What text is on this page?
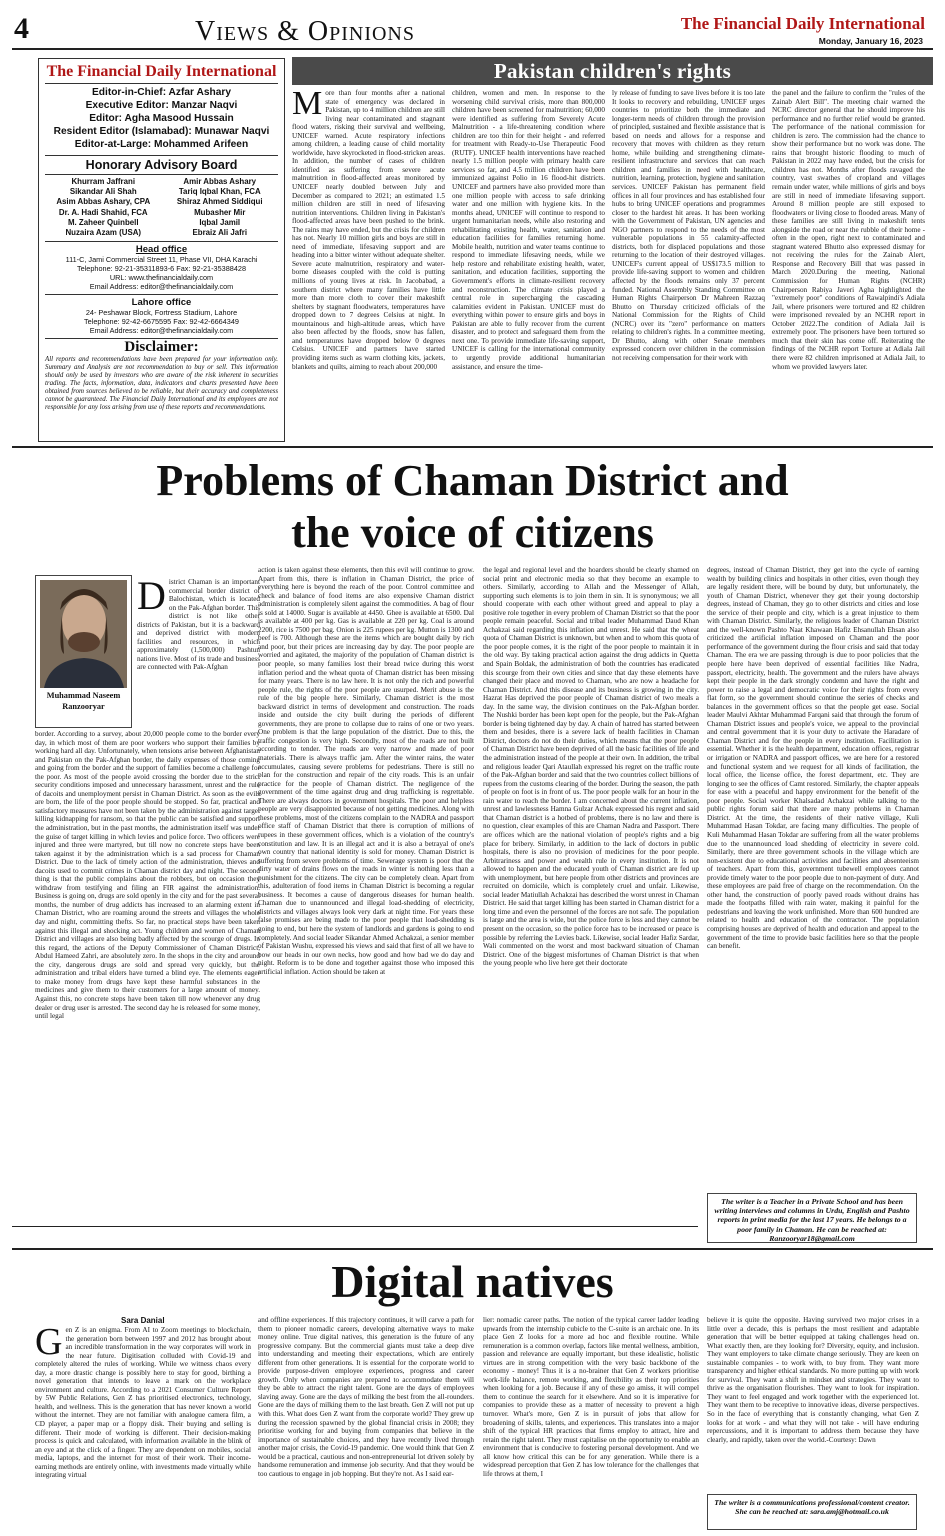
4	Views & Opinions	The Financial Daily International
Monday, January 16, 2023
The Financial Daily International
Editor-in-Chief: Azfar Ashary
Executive Editor: Manzar Naqvi
Editor: Agha Masood Hussain
Resident Editor (Islamabad): Munawar Naqvi
Editor-at-Large: Mohammed Arifeen
Honorary Advisory Board
Khurram Jaffrani
Sikandar Ali Shah
Asim Abbas Ashary, CPA
Dr. A. Hadi Shahid, FCA
M. Zaheer Quinbell
Nuzaira Azam (USA)
Amir Abbas Ashary
Tariq Iqbal Khan, FCA
Shiraz Ahmed Siddiqui
Mubasher Mir
Iqbal Jamil
Ebraiz Ali Jafri
Head office
111-C, Jami Commercial Street 11, Phase VII, DHA Karachi
Telephone: 92-21-35311893-6 Fax: 92-21-35388428
URL: www.thefinancialdaily.com
Email Address: editor@thefinancialdaily.com
Lahore office
24- Peshawar Block, Fortress Stadium, Lahore
Telephone: 92-42-6675595 Fax: 92-42-6664349
Email Address: editor@thefinancialdaily.com
Disclaimer:
All reports and recommendations have been prepared for your information only. Summary and Analysis are not recommendation to buy or sell. This information should only be used by investors who are aware of the risk inherent in securities trading. The facts, information, data, indicators and charts presented have been obtained from sources believed to be reliable, but their accuracy and completeness cannot be guaranteed. The Financial Daily International and its employees are not responsible for any loss arising from use of these reports and recommendations.
Pakistan children's rights
M ore than four months after a national state of emergency was declared in Pakistan, up to 4 million children are still living near contaminated and stagnant flood waters, risking their survival and wellbeing, UNICEF warned. Acute respiratory infections among children, a leading cause of child mortality worldwide, have skyrocketed in flood-stricken areas. In addition, the number of cases of children identified as suffering from severe acute malnutrition in flood-affected areas monitored by UNICEF nearly doubled between July and December as compared to 2021; an estimated 1.5 million children are still in need of lifesaving nutrition interventions. Children living in Pakistan's flood-affected areas have been pushed to the brink. The rains may have ended, but the crisis for children has not. Nearly 10 million girls and boys are still in need of immediate, lifesaving support and are heading into a bitter winter without adequate shelter. Severe acute malnutrition, respiratory and water-borne diseases coupled with the cold is putting millions of young lives at risk. In Jacobabad, a southern district where many families have little more than more cloth to cover their makeshift shelters by stagnant floodwaters, temperatures have dropped down to 7 degrees Celsius at night. In mountainous and high-altitude areas, which have also been affected by the floods, snow has fallen, and temperatures have dropped below 0 degrees Celsius. UNICEF and partners have started providing items such as warm clothing kits, jackets, blankets and quilts, aiming to reach about 200,000

children, women and men. In response to the worsening child survival crisis, more than 800,000 children have been screened for malnutrition; 60,000 were identified as suffering from Severely Acute Malnutrition - a life-threatening condition where children are too thin for their height - and referred for treatment with Ready-to-Use Therapeutic Food (RUTF). UNICEF health interventions have reached nearly 1.5 million people with primary health care services so far, and 4.5 million children have been immunized against Polio in 16 flood-hit districts. UNICEF and partners have also provided more than one million people with access to safe drinking water and one million with hygiene kits. In the months ahead, UNICEF will continue to respond to urgent humanitarian needs, while also restoring and rehabilitating existing health, water, sanitation and education facilities for families returning home. Mobile health, nutrition and water teams continue to respond to immediate lifesaving needs, while we help restore and rehabilitate existing health, water, sanitation, and education facilities, supporting the Government's efforts in climate-resilient recovery and reconstruction. The climate crisis played a central role in supercharging the cascading calamities evident in Pakistan. UNICEF must do everything within power to ensure girls and boys in Pakistan are able to fully recover from the current disaster, and to protect and safeguard them from the next one. To provide immediate life-saving support, UNICEF is calling for the international community to urgently provide additional humanitarian assistance, and ensure the time-

ly release of funding to save lives before it is too late It looks to recovery and rebuilding, UNICEF urges countries to prioritize both the immediate and longer-term needs of children through the provision of principled, sustained and flexible assistance that is based on needs and allows for a response and recovery that moves with children as they return home, while building and strengthening climate-resilient infrastructure and services that can reach children and families in need with healthcare, nutrition, learning, protection, hygiene and sanitation services. UNICEF Pakistan has permanent field offices in all four provinces and has established four hubs to bring UNICEF operations and programmes closer to the hardest hit areas. It has been working with the Government of Pakistan, UN agencies and NGO partners to respond to the needs of the most vulnerable populations in 55 calamity-affected districts, both for displaced populations and those returning to the location of their destroyed villages. UNICEF's current appeal of US$173.5 million to provide life-saving support to women and children affected by the floods remains only 37 percent funded. National Assembly Standing Committee on Human Rights Chairperson Dr Mahreen Razzaq Bhutto on Thursday criticized officials of the National Commission for the Rights of Child (NCRC) over its "zero" performance on matters relating to children's rights. In a committee meeting, Dr Bhutto, along with other Senate members expressed concern over children in the commission not receiving compensation for their work with

the panel and the failure to confirm the "rules of the Zainab Alert Bill". The meeting chair warned the NCRC director general that he should improve his performance and no further relief would be granted. The performance of the national commission for children is zero. The commission had the chance to show their performance but no work was done. The rains that brought historic flooding to much of Pakistan in 2022 may have ended, but the crisis for children has not. Months after floods ravaged the country, vast swathes of cropland and villages remain under water, while millions of girls and boys are still in need of immediate lifesaving support. Around 8 million people are still exposed to floodwaters or living close to flooded areas. Many of these families are still living in makeshift tents alongside the road or near the rubble of their home - often in the open, right next to contaminated and stagnant watered Bhutto also expressed dismay for not receiving the rules for the Zainab Alert, Response and Recovery Bill that was passed in March 2020.During the meeting, National Commission for Human Rights (NCHR) Chairperson Rabiya Javeri Agha highlighted the "extremely poor" conditions of Rawalpindi's Adiala Jail, where prisoners were tortured and 82 children were imprisoned revealed by an NCHR report in October 2022.The condition of Adiala Jail is extremely poor. The prisoners have been tortured so much that their skin has come off. Reiterating the findings of the NCHR report Torture at Adiala Jail there were 82 children imprisoned at Adiala Jail, to whom we provided lawyers later.

Problems of Chaman District and
the voice of citizens
Muhammad Naseem Ranzooryar
D istrict Chaman is an important commercial border district of Balochistan, which is located on the Pak-Afghan border. This district is not like other districts of Pakistan, but it is a backward and deprived district with modern facilities and resources, in which approximately (1,500,000) Pashtun nations live. Most of its trade and business are connected with Pak-Afghan

border. According to a survey, about 20,000 people come to the border every day, in which most of them are poor workers who support their families by working hard all day. Unfortunately, when tensions arise between Afghanistan and Pakistan on the Pak-Afghan border, the daily expenses of those coming and going from the border and the support of families become a challenge for the poor. As most of the people avoid crossing the border due to the strict security conditions imposed and unnecessary harassment, unrest and the rule of dacoits and unemployment persist in Chaman District. As soon as the evils are born, the life of the poor people should be stopped. So far, practical and satisfactory measures have not been taken by the administration against target killing kidnapping for ransom, so that the public can be satisfied and support the administration, but in the past months, the administration itself was under the guise of target killing in which levies and police force. Two officers were injured and three were martyred, but till now no concrete steps have been taken against it by the administration which is a sad process for Chaman District. Due to the lack of timely action of the administration, thieves and dacoits used to commit crimes in Chaman district day and night. The second thing is that the public complains about the robbers, but on occasion they withdraw from testifying and filing an FIR against the administration. Business is going on, drugs are sold openly in the city and for the past several months, the number of drug addicts has increased to an alarming extent in Chaman District, who are roaming around the streets and villages the whole day and night, committing thefts. So far, no practical steps have been taken against this illegal and shocking act. Young children and women of Chaman District and villages are also being badly affected by the scourge of drugs. In this regard, the actions of the Deputy Commissioner of Chaman District, Abdul Hameed Zahri, are absolutely zero. In the shops in the city and around the city, dangerous drugs are sold and spread very quickly, but the administration and tribal elders have turned a blind eye. The elements eager to make money from drugs have kept these harmful substances in the medicines and give them to their customers for a large amount of money. Against this, no concrete steps have been taken till now whenever any drug dealer or drug user is arrested. The second day he is released for some money, until legal

action is taken against these elements, then this evil will continue to grow. Apart from this, there is inflation in Chaman District, the price of everything here is beyond the reach of the poor. Control committee and check and balance of food items are also expensive Chaman district administration is completely silent against the commodities. A bag of flour is sold at 14000. Sugar is available at 4450. Ghee is available at 6500. Dal is available at 400 per kg. Gas is available at 220 per kg. Coal is around 2200, rice is 7500 per bag. Onion is 225 rupees per kg. Mutton is 1300 and beef is 700. Although these are the items which are bought daily by rich and poor, but their prices are increasing day by day. The poor people are worried and agitated, the majority of the population of Chaman district is poor people, so many families lost their bread twice during this worst inflation period and the wheat quota of Chaman district has been missing for many years. There is no law here. It is not only the rich and powerful people rule, the rights of the poor people are usurped. Merit abuse is the rule of the big people here. Similarly, Chaman district is the most backward district in terms of development and construction. The roads inside and outside the city built during the periods of different governments, they are prone to collapse due to rains of one or two years. One problem is that the large population of the district. Due to this, the traffic congestion is very high. Secondly, most of the roads are not built according to tender. The roads are very narrow and made of poor materials. There is always traffic jam. After the winter rains, the water accumulates, causing severe problems for pedestrians. There is still no plan for the construction and repair of the city roads. This is an unfair practice for the people of Chaman district. The negligence of the government of the time against drug and drug trafficking is regrettable. There are always doctors in government hospitals. The poor and helpless people are very disappointed because of not getting medicines. Along with these problems, most of the citizens complain to the NADRA and passport office staff of Chaman District that there is corruption of millions of rupees in these government offices, which is a violation of the country's constitution and law. It is an illegal act and it is also a betrayal of one's own country that national identity is sold for money. Chaman District is suffering from severe problems of time. Sewerage system is poor that the dirty water of drains flows on the roads in winter is nothing less than a punishment for the citizens. The city can be completely clean. Apart from this, adulteration of food items in Chaman District is becoming a regular business. It becomes a cause of dangerous diseases for human health. Chaman due to unannounced and illegal load-shedding of electricity, districts and villages always look very dark at night time. For years these false promises are being made to the poor people that load-shedding is going to end, but here the system of landlords and gardens is going to end completely. And social leader Sikandar Ahmed Achakzai, a senior member of Pakistan Wushu, expressed his views and said that first of all we have to bow our heads in our own necks, how good and how bad we do day and night. Reform is to be done and together against those who imposed this artificial inflation. Action should be taken at

the legal and regional level and the hoarders should be clearly shamed on social print and electronic media so that they become an example to others. Similarly, according to Allah and the Messenger of Allah, supporting such elements is to join them in sin. It is synonymous; we all should cooperate with each other without greed and appeal to play a positive role together in every problem of Chaman District so that the poor people remain peaceful. Social and tribal leader Muhammad Daud Khan Achakzai said regarding this inflation and unrest. He said that the wheat quota of Chaman District is unknown, but when and to whom this quota of the poor people comes, it is the right of the poor people to maintain it in the old way. By taking practical action against the drug addicts in Quetta and Spain Boldak, the administration of both the countries has eradicated this scourge from their own cities and since that day these elements have changed their place and moved to Chaman, who are now a headache for Chaman District. And this disease and its business is growing in the city. Hazrat Has deprived the poor people of Chaman district of two meals a day. In the same way, the division continues on the Pak-Afghan border. The Nushki border has been kept open for the people, but the Pak-Afghan border is being tightened day by day. A chain of hatred has started between them and besides, there is a severe lack of health facilities in Chaman District, doctors do not do their duties, which means that the poor people of Chaman District have been deprived of all the basic facilities of life and the administration instead of the people at their own. In addition, the tribal and religious leader Qari Ataullah expressed his regret on the traffic route of the Pak-Afghan border and said that the two countries collect billions of rupees from the customs clearing of the border. During the season, the path of people on foot is in front of us. The poor people walk for an hour in the rain water to reach the border. I am concerned about the current inflation, unrest and lawlessness Hamna Gulzar Achak expressed his regret and said that Chaman district is a hotbed of problems, there is no law and there is no question, clear examples of this are Chaman Nadra and Passport. There are offices which are the national violation of people's rights and a big place for bribery. Similarly, in addition to the lack of doctors in public hospitals, there is also no provision of medicines for the poor people. Arbitrariness and power and wealth rule in every institution. It is not allowed to happen and the educated youth of Chaman district are fed up with unemployment, but here people from other districts and provinces are recruited on domicile, which is completely cruel and unfair. Likewise, social leader Matiullah Achakzai has described the worst unrest in Chaman District. He said that target killing has been started in Chaman district for a long time and even the personnel of the forces are not safe. The population is large and the area is wide, but the police force is less and they cannot be present on the occasion, so the police force has to be increased or peace is possible by referring the Levies back. Likewise, social leader Hafiz Sardar, Wali commented on the worst and most backward situation of Chaman District. One of the biggest misfortunes of Chaman District is that when the young people who live here get their doctorate

degrees, instead of Chaman District, they get into the cycle of earning wealth by building clinics and hospitals in other cities, even though they are legally resident there, will be bound by duty, but unfortunately, the youth of Chaman District, whenever they get their young doctorship degrees, instead of Chaman, they go to other districts and cities and lose the service of their people and city, which is a great injustice to them with Chaman District. Similarly, the religious leader of Chaman District and the well-known Pashto Naat Khawaan Hafiz Ehsanullah Ehsan also criticized the artificial inflation imposed on Chaman and the poor performance of the government during the flour crisis and said that today Chaman. The era we are passing through is due to poor policies that the people here have been deprived of essential facilities like Nadra, passport, electricity, health. The government and the rulers have always kept their people in the dark strongly condemn and have the right and power to raise a legal and democratic voice for their rights from every flat form, so the government should continue the series of checks and balances in the government offices so that the people get ease. Social leader Maulvi Akhtar Muhammad Farqani said that through the forum of Chaman District issues and people's voice, we appeal to the provincial and central government that it is your duty to activate the Haradare of Chaman District and for the people in every institution. Facilitation is essential. Whether it is the health department, education offices, registrar or irrigation or NADRA and passport offices, we are here for a restored and functional system and we request for all kinds of facilitation, the local office, the license office, the forest department, etc. They are longing to see the offices of Camt restored. Similarly, the chapter appeals for ease with a peaceful and happy environment for the benefit of the poor people. Social worker Khalsadad Achakzai while talking to the public rights forum said that there are many problems in Chaman District. At the time, the residents of their native village, Kuli Muhammad Hasan Tokdar, are facing many difficulties. The people of Kuli Muhammad Hasan Tokdar are suffering from all the water problems due to the unannounced load shedding of electricity in severe cold. Similarly, there are three government schools in the village which are non-existent due to educational activities and facilities and absenteeism of teachers. Apart from this, government tubewell employees cannot provide timely water to the poor people due to non-payment of duty. And these employees are paid free of charge on the recommendation. On the other hand, the construction of poorly paved roads without drains has made the footpaths filled with rain water, making it painful for the pedestrians and leaving the work unfinished. More than 600 hundred are related to health and education of the contractor. The population comprising houses are deprived of health and education and appeal to the government of the time to provide basic facilities here so that the people can benefit.

The writer is a Teacher in a Private School and has been writing interviews and columns in Urdu, English and Pashto reports in print media for the last 17 years. He belongs to a poor family in Chaman. He can be reached at: Ranzooryar18@gmail.com
Digital natives
Sara Danial
G en Z is an enigma. From AI to Zoom meetings to blockchain, the generation born between 1997 and 2012 has brought about an incredible transformation in the way corporates will work in the near future. Digitisation colluded with Covid-19 and completely altered the rules of working. While we witness chaos every day, a more drastic change is possibly here to stay for good, birthing a novel generation that intends to leave a mark on the workplace environment and culture. According to a 2021 Consumer Culture Report by 5W Public Relations, Gen Z has prioritised electronics, technology, health, and wellness. This is the generation that has never known a world without the internet. They are not familiar with analogue camera film, a CD player, a paper map or a floppy disk. Their buying and selling is different. Their mode of working is different. Their decision-making process is quick and calculated, with information available in the blink of an eye and at the click of a finger. They are dependent on mobiles, social media, laptops, and the internet for most of their work. Their income-earning methods are entirely online, with investments made virtually while integrating virtual

and offline experiences. If this trajectory continues, it will carve a path for them to pioneer nomadic careers, developing alternative ways to make money online. True digital natives, this generation is the future of any progressive company. But the commercial giants must take a deep dive into understanding and meeting their expectations, which are entirely different from other generations. It is essential for the corporate world to provide purpose-driven employee experiences, progress and career growth. Only when companies are prepared to accommodate them will they be able to attract the right talent. Gone are the days of employees slaving away. Gone are the days of milking the best from the all-rounders. Gone are the days of milking them to the last breath. Gen Z will not put up with this. What does Gen Z want from the corporate world? They grew up during the recession spawned by the global financial crisis in 2008; they prioritise working for and buying from companies that believe in the importance of sustainable choices, and they have recently lived through another major crisis, the Covid-19 pandemic. One would think that Gen Z would be a practical, cautious and non-entrepreneurial lot driven solely by handsome remuneration and immense job security. And that they would be too cautious to engage in job hopping. But they're not. As I said ear-

lier: nomadic career paths. The notion of the typical career ladder leading upwards from the internship cubicle to the C-suite is an archaic one. In its place Gen Z looks for a more ad hoc and flexible routine. While remuneration is a common overlap, factors like mental wellness, ambition, passion and relevance are equally important, but these idealistic, holistic virtues are in strong competition with the very basic backbone of the economy - money! Thus it is a no-brainer that Gen Z workers prioritise work-life balance, remote working, and flexibility as their top priorities when looking for a job. Because if any of these go amiss, it will compel them to continue the search for it elsewhere. And so it is imperative for companies to provide these as a matter of necessity to prevent a high turnover. What's more, Gen Z is in pursuit of jobs that allow for broadening of skills, talents, and experiences. This translates into a major shift of the typical HR practices that firms employ to attract, hire and retain the right talent. They must capitalise on the opportunity to enable an environment that is conducive to fostering personal development. And we all know how critical this can be for any generation. While there is a widespread perception that Gen Z has low tolerance for the challenges that life throws at them, I

believe it is quite the opposite. Having survived two major crises in a little over a decade, this is perhaps the most resilient and adaptable generation that will be better equipped at taking challenges head on. What exactly then, are they looking for? Diversity, equity, and inclusion. They want employers to take climate change seriously. They are keen on sustainable companies - to work with, to buy from. They want more transparency and higher ethical standards. No more putting up with work for survival. They want a shift in mindset and strategies. They want to thrive as the organisation flourishes. They want to look for inspiration. They want to feel engaged and work together with the experienced lot. They want them to be receptive to innovative ideas, diverse perspectives. So in the face of everything that is constantly changing, what Gen Z looks for at work - and what they will not take - will have enduring repercussions, and it is important to address them because they have clearly, and rapidly, taken over the world.-Courtesy: Dawn

The writer is a communications professional/content creator. She can be reached at: sara.amj@hotmail.co.uk
